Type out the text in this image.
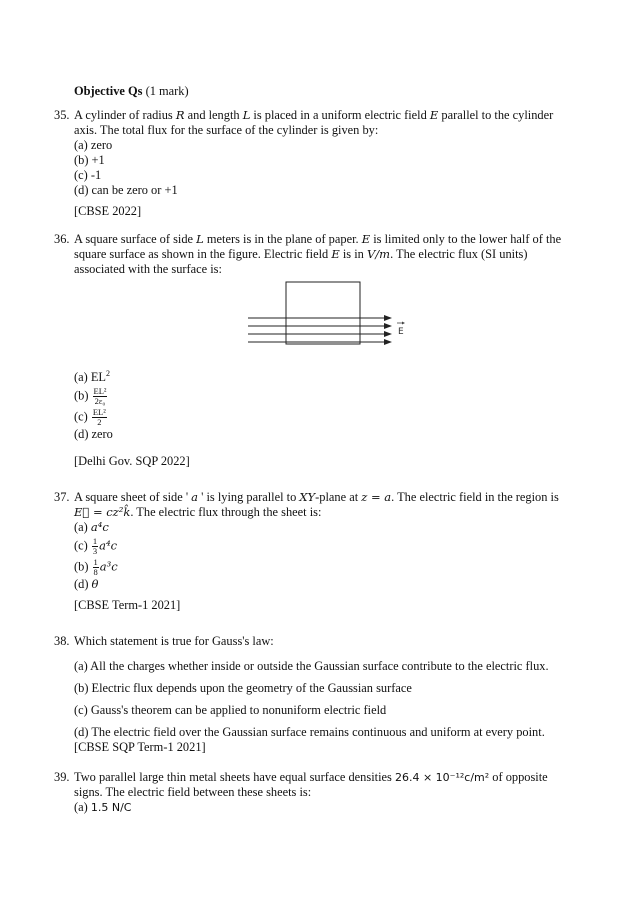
Objective Qs (1 mark)
35. A cylinder of radius R and length L is placed in a uniform electric field E parallel to the cylinder
axis. The total flux for the surface of the cylinder is given by:
(a) zero
(b) +1
(c) -1
(d) can be zero or +1
[CBSE 2022]
36. A square surface of side L meters is in the plane of paper. E is limited only to the lower half of the
square surface as shown in the figure. Electric field E is in V/m. The electric flux (SI units)
associated with the surface is:
E
(a) $EL^2$
$(b) \frac{\text{EL²}}{\text{2ε₀}}$
$(c) \frac{\text{EL²}}{2}$
(d) zero
[Delhi Gov. SQP 2022]
37. A square sheet of side ' a ' is lying parallel to XY-plane at z = a. The electric field in the region is
E⃗ = cz²k̂. The electric flux through the sheet is:
(a) a⁴c
$(c) \frac{1}{3} a^4c$
$(b) \frac{1}{8} a^3c$
(d) θ
[CBSE Term-1 2021]
38. Which statement is true for Gauss's law:
(a) All the charges whether inside or outside the Gaussian surface contribute to the electric flux.
(b) Electric flux depends upon the geometry of the Gaussian surface
(c) Gauss's theorem can be applied to nonuniform electric field
(d) The electric field over the Gaussian surface remains continuous and uniform at every point.
[CBSE SQP Term-1 2021]
39. Two parallel large thin metal sheets have equal surface densities 26.4 × 10⁻¹²c/m² of opposite
signs. The electric field between these sheets is:
(a) 1.5 N/C
